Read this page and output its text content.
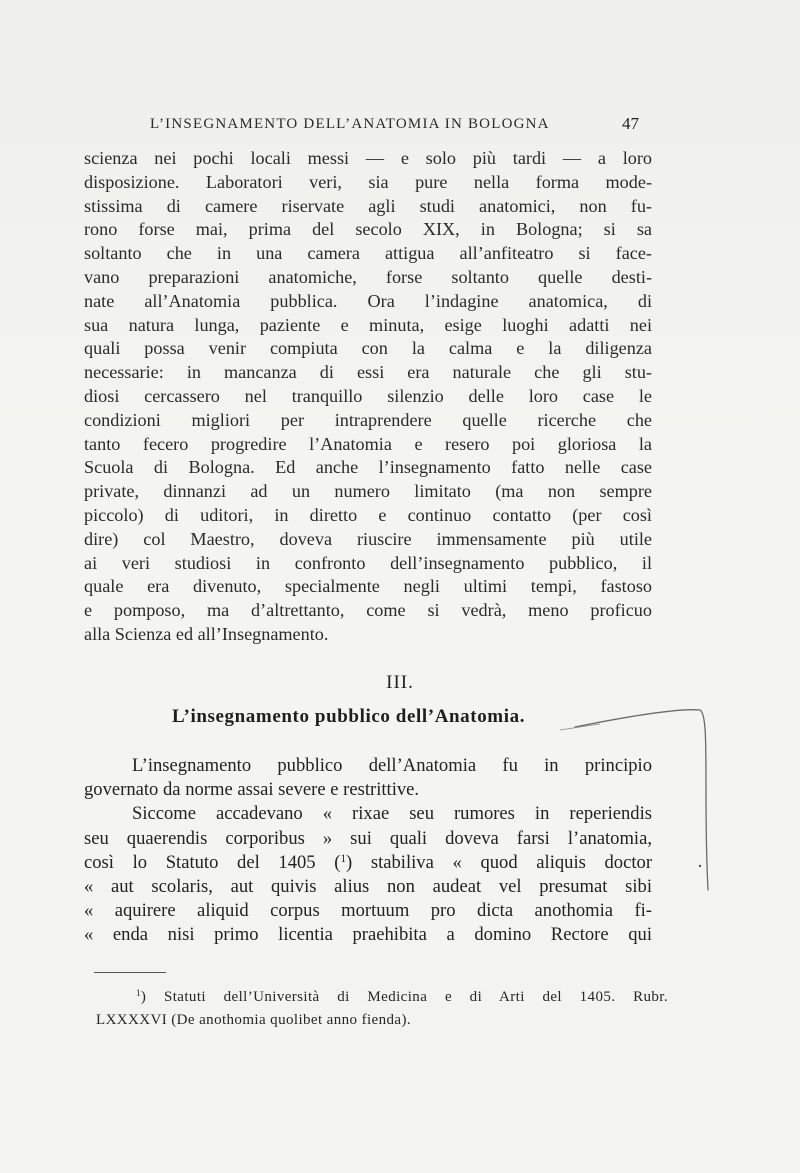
L’INSEGNAMENTO DELL’ANATOMIA IN BOLOGNA	47
scienza nei pochi locali messi — e solo più tardi — a loro
disposizione. Laboratori veri, sia pure nella forma mode-
stissima di camere riservate agli studi anatomici, non fu-
rono forse mai, prima del secolo XIX, in Bologna; si sa
soltanto che in una camera attigua all’anfiteatro si face-
vano preparazioni anatomiche, forse soltanto quelle desti-
nate all’Anatomia pubblica. Ora l’indagine anatomica, di
sua natura lunga, paziente e minuta, esige luoghi adatti nei
quali possa venir compiuta con la calma e la diligenza
necessarie: in mancanza di essi era naturale che gli stu-
diosi cercassero nel tranquillo silenzio delle loro case le
condizioni migliori per intraprendere quelle ricerche che
tanto fecero progredire l’Anatomia e resero poi gloriosa la
Scuola di Bologna. Ed anche l’insegnamento fatto nelle case
private, dinnanzi ad un numero limitato (ma non sempre
piccolo) di uditori, in diretto e continuo contatto (per così
dire) col Maestro, doveva riuscire immensamente più utile
ai veri studiosi in confronto dell’insegnamento pubblico, il
quale era divenuto, specialmente negli ultimi tempi, fastoso
e pomposo, ma d’altrettanto, come si vedrà, meno proficuo
alla Scienza ed all’Insegnamento.
III.
L’insegnamento pubblico dell’Anatomia.
L’insegnamento pubblico dell’Anatomia fu in principio
governato da norme assai severe e restrittive.
Siccome accadevano « rixae seu rumores in reperiendis
seu quaerendis corporibus » sui quali doveva farsi l’anatomia,
così lo Statuto del 1405 ($^1$) stabiliva « quod aliquis doctor
« aut scolaris, aut quivis alius non audeat vel presumat sibi
« aquirere aliquid corpus mortuum pro dicta anothomia fi-
« enda nisi primo licentia praehibita a domino Rectore qui
$^1$) Statuti dell’Università di Medicina e di Arti del 1405. Rubr.
LXXXXVI (De anothomia quolibet anno fienda).
